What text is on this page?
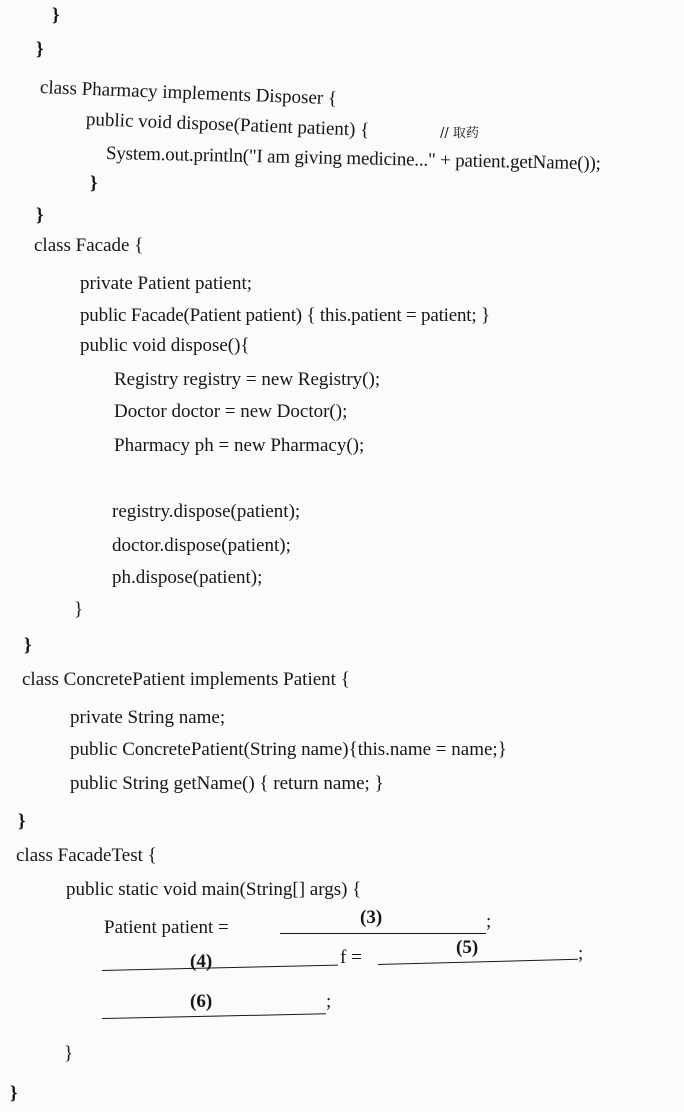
}
}
class Pharmacy implements Disposer {
// 取药
public void dispose(Patient patient) {
System.out.println("I am giving medicine..." + patient.getName());
}
}
class Facade {
private Patient patient;
public Facade(Patient patient) { this.patient = patient; }
public void dispose(){
Registry registry = new Registry();
Doctor doctor = new Doctor();
Pharmacy ph = new Pharmacy();
registry.dispose(patient);
doctor.dispose(patient);
ph.dispose(patient);
}
}
class ConcretePatient implements Patient {
private String name;
public ConcretePatient(String name){this.name = name;}
public String getName() { return name; }
}
class FacadeTest {
public static void main(String[] args) {
Patient patient =	(3)	;
(4)	f =	(5)	;
(6)	;
}
}
